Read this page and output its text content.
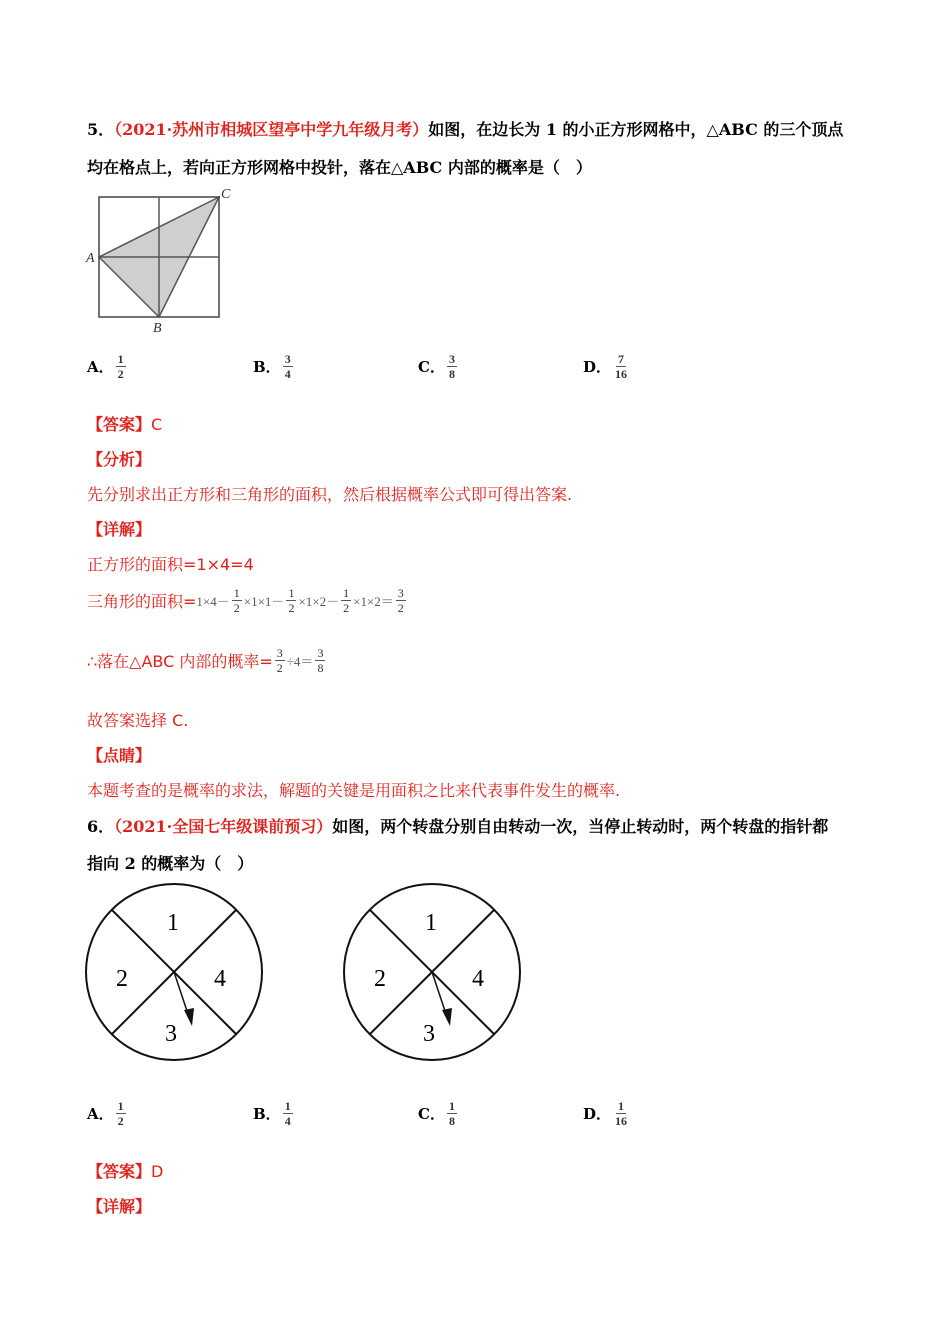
5．（2021·苏州市相城区望亭中学九年级月考）如图，在边长为 1 的小正方形网格中，△ABC 的三个顶点
均在格点上，若向正方形网格中投针，落在△ABC 内部的概率是（　）
A
B
C
A． $\frac{1}{2}$	B． $\frac{3}{4}$	C． $\frac{3}{8}$	D． $\frac{7}{16}$
【答案】C
【分析】
先分别求出正方形和三角形的面积，然后根据概率公式即可得出答案.
【详解】
正方形的面积=1×4=4
三角形的面积= $1\times 4- \frac{1}{2} \times 1\times 1- \frac{1}{2} \times 1\times 2- \frac{1}{2} \times 1\times 2= \frac{3}{2}$
∴落在△ABC 内部的概率= $\frac{3}{2} \div 4= \frac{3}{8}$
故答案选择 C.
【点睛】
本题考查的是概率的求法，解题的关键是用面积之比来代表事件发生的概率.
6．（2021·全国七年级课前预习）如图，两个转盘分别自由转动一次，当停止转动时，两个转盘的指针都
指向 2 的概率为（　）
1
2	4
3
1
2	4
3
A． $\frac{1}{2}$	B． $\frac{1}{4}$	C． $\frac{1}{8}$	D． $\frac{1}{16}$
【答案】D
【详解】
